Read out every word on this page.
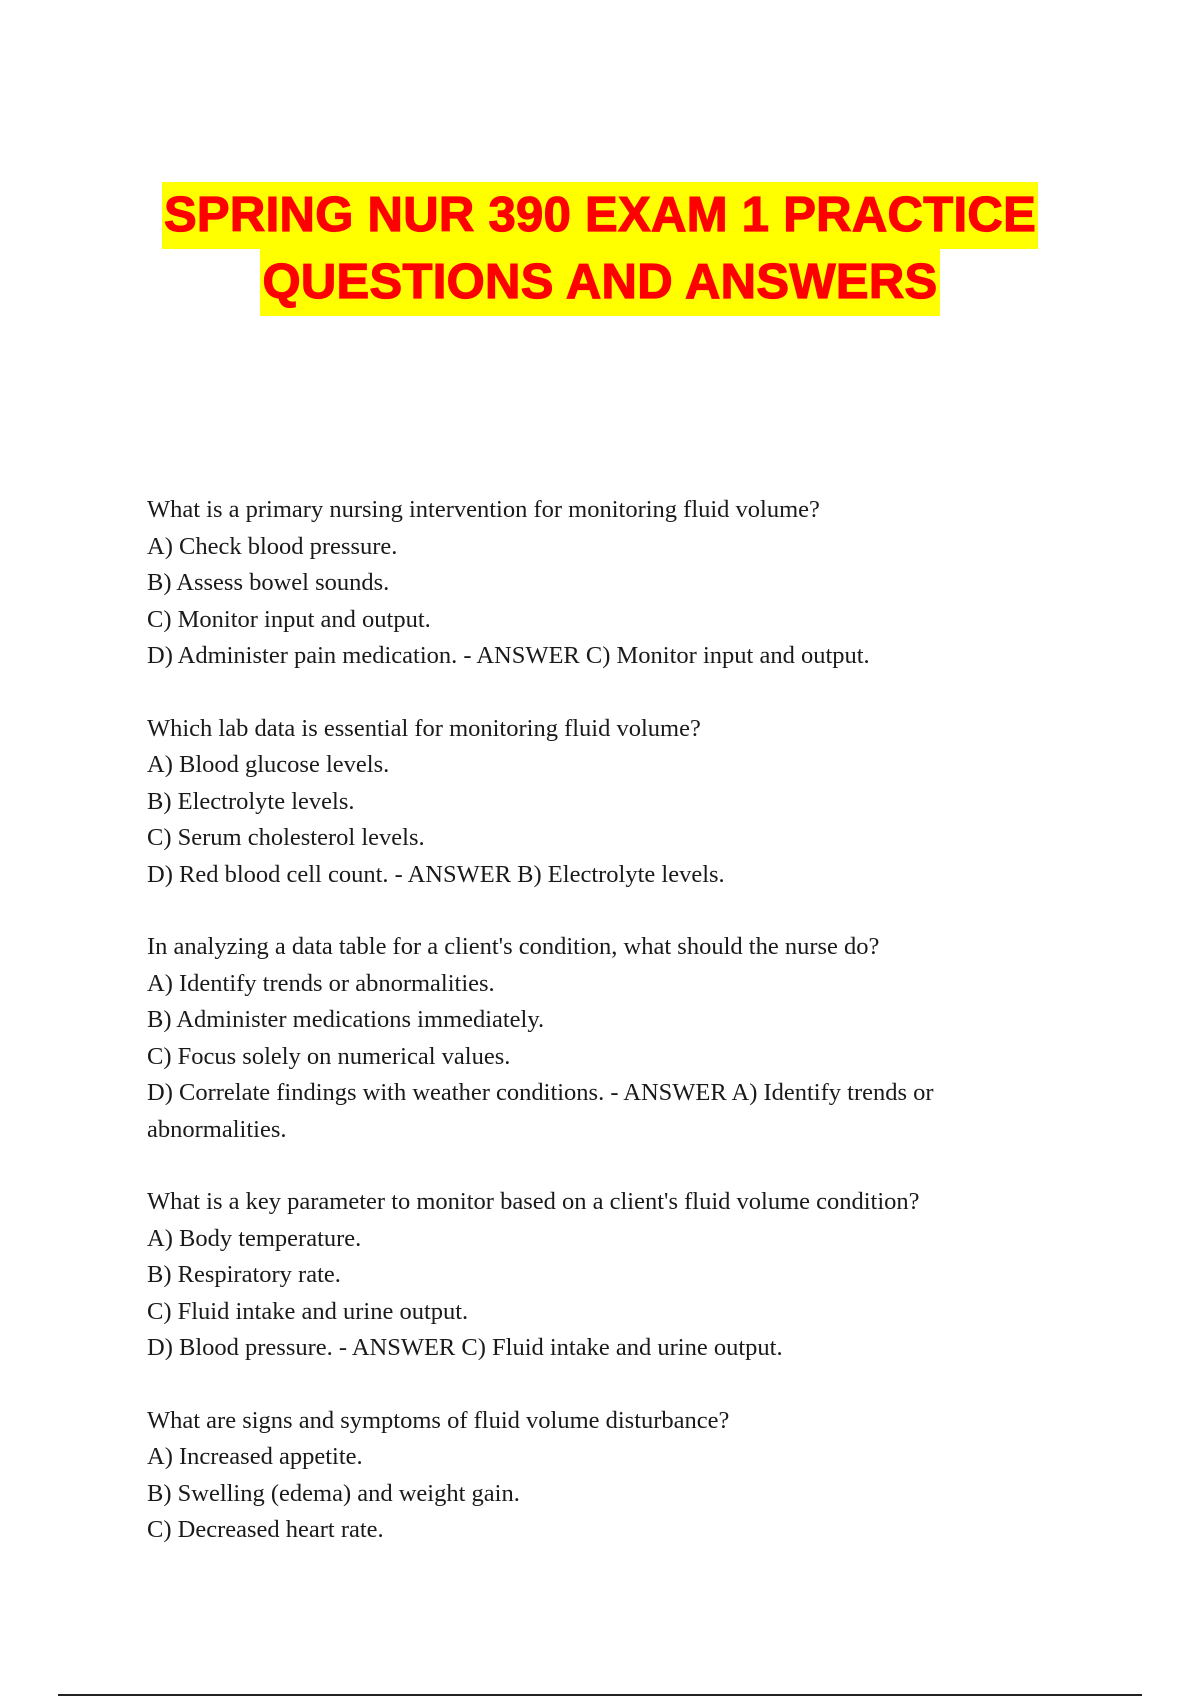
SPRING NUR 390 EXAM 1 PRACTICE
QUESTIONS AND ANSWERS

What is a primary nursing intervention for monitoring fluid volume?

A) Check blood pressure.

B) Assess bowel sounds.

C) Monitor input and output.

D) Administer pain medication. - ANSWER C) Monitor input and output.

Which lab data is essential for monitoring fluid volume?

A) Blood glucose levels.

B) Electrolyte levels.

C) Serum cholesterol levels.

D) Red blood cell count. - ANSWER B) Electrolyte levels.

In analyzing a data table for a client's condition, what should the nurse do?

A) Identify trends or abnormalities.

B) Administer medications immediately.

C) Focus solely on numerical values.

D) Correlate findings with weather conditions. - ANSWER A) Identify trends or abnormalities.

What is a key parameter to monitor based on a client's fluid volume condition?

A) Body temperature.

B) Respiratory rate.

C) Fluid intake and urine output.

D) Blood pressure. - ANSWER C) Fluid intake and urine output.

What are signs and symptoms of fluid volume disturbance?

A) Increased appetite.

B) Swelling (edema) and weight gain.

C) Decreased heart rate.
